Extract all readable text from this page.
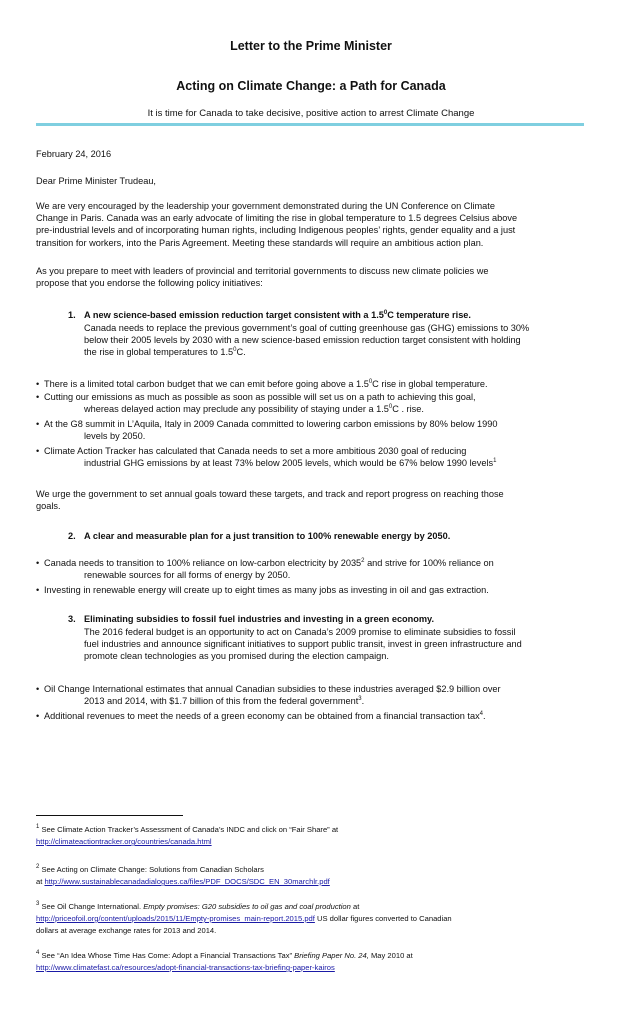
Letter to the Prime Minister
Acting on Climate Change: a Path for Canada
It is time for Canada to take decisive, positive action to arrest Climate Change
February 24, 2016
Dear Prime Minister Trudeau,
We are very encouraged by the leadership your government demonstrated during the UN Conference on Climate
Change in Paris. Canada was an early advocate of limiting the rise in global temperature to 1.5 degrees Celsius above
pre-industrial levels and of incorporating human rights, including Indigenous peoples’ rights, gender equality and a just
transition for workers, into the Paris Agreement. Meeting these standards will require an ambitious action plan.
As you prepare to meet with leaders of provincial and territorial governments to discuss new climate policies we
propose that you endorse the following policy initiatives:
1. A new science-based emission reduction target consistent with a $1.5^0C$ temperature rise.
Canada needs to replace the previous government’s goal of cutting greenhouse gas (GHG) emissions to 30%
below their 2005 levels by 2030 with a new science-based emission reduction target consistent with holding
the rise in global temperatures to $1.5^0C$.
• There is a limited total carbon budget that we can emit before going above a $1.5^0C$ rise in global temperature.
• Cutting our emissions as much as possible as soon as possible will set us on a path to achieving this goal,
whereas delayed action may preclude any possibility of staying under a $1.5^0C$ . rise.
• At the G8 summit in L’Aquila, Italy in 2009 Canada committed to lowering carbon emissions by 80% below 1990
levels by 2050.
• Climate Action Tracker has calculated that Canada needs to set a more ambitious 2030 goal of reducing
industrial GHG emissions by at least 73% below 2005 levels, which would be 67% below 1990 levels$^1$
We urge the government to set annual goals toward these targets, and track and report progress on reaching those
goals.
2. A clear and measurable plan for a just transition to 100% renewable energy by 2050.
• Canada needs to transition to 100% reliance on low-carbon electricity by 2035$^2$ and strive for 100% reliance on
renewable sources for all forms of energy by 2050.
• Investing in renewable energy will create up to eight times as many jobs as investing in oil and gas extraction.
3. Eliminating subsidies to fossil fuel industries and investing in a green economy.
The 2016 federal budget is an opportunity to act on Canada’s 2009 promise to eliminate subsidies to fossil
fuel industries and announce significant initiatives to support public transit, invest in green infrastructure and
promote clean technologies as you promised during the election campaign.
• Oil Change International estimates that annual Canadian subsidies to these industries averaged $2.9 billion over
2013 and 2014, with $1.7 billion of this from the federal government$^3$.
• Additional revenues to meet the needs of a green economy can be obtained from a financial transaction tax$^4$.
$^1$ See Climate Action Tracker’s Assessment of Canada’s INDC and click on “Fair Share” at
http://climateactiontracker.org/countries/canada.html
$^2$ See Acting on Climate Change: Solutions from Canadian Scholars
at http://www.sustainablecanadadialogues.ca/files/PDF_DOCS/SDC_EN_30marchlr.pdf
$^3$ See Oil Change International. Empty promises: G20 subsidies to oil gas and coal production at
http://priceofoil.org/content/uploads/2015/11/Empty-promises_main-report.2015.pdf US dollar figures converted to Canadian
dollars at average exchange rates for 2013 and 2014.
$^4$ See “An Idea Whose Time Has Come: Adopt a Financial Transactions Tax” Briefing Paper No. 24, May 2010 at
http://www.climatefast.ca/resources/adopt-financial-transactions-tax-briefing-paper-kairos
